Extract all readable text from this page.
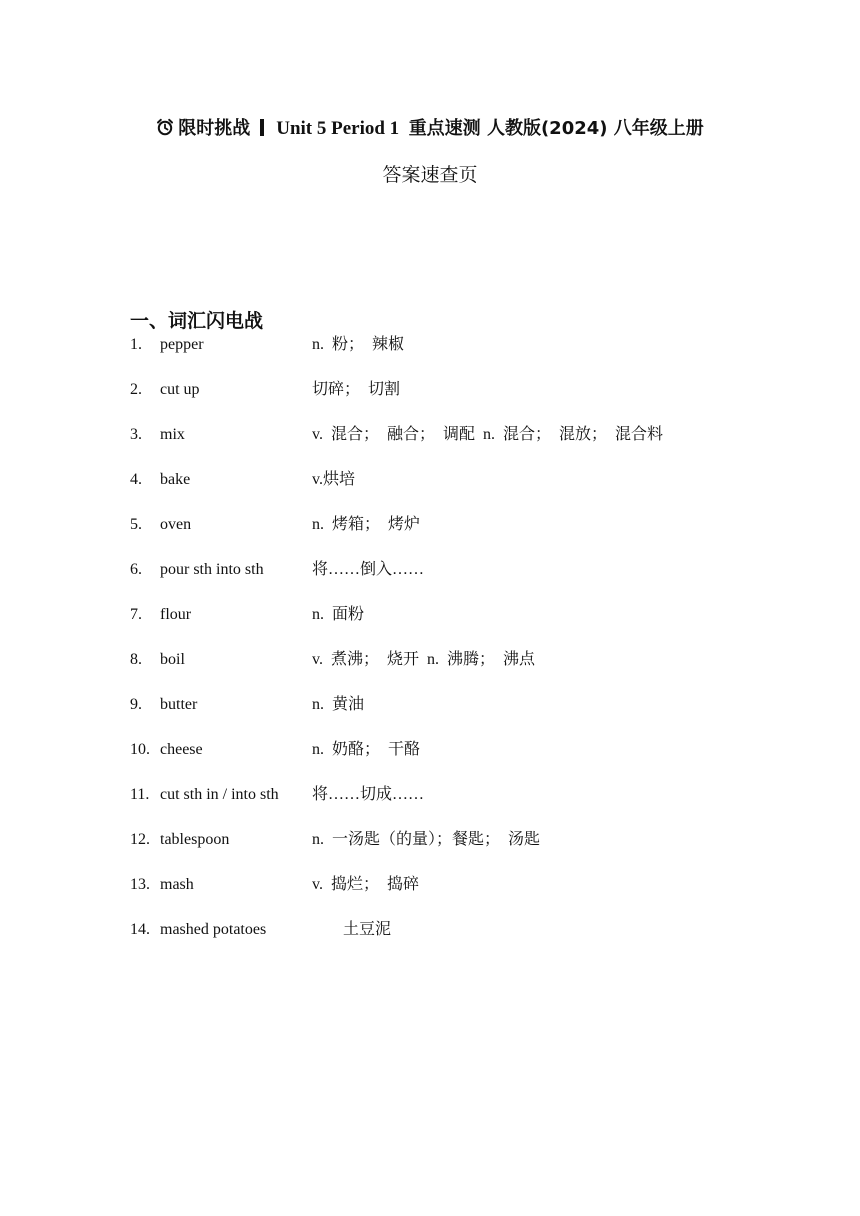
限时挑战 Unit 5 Period 1 重点速测 人教版(2024) 八年级上册
答案速查页
一、词汇闪电战
1. pepper	n. 粉； 辣椒
2. cut up	切碎； 切割
3. mix	v. 混合； 融合； 调配 n. 混合； 混放； 混合料
4. bake	v.烘培
5. oven	n. 烤箱； 烤炉
6. pour sth into sth	将……倒入……
7. flour	n. 面粉
8. boil	v. 煮沸； 烧开 n. 沸腾； 沸点
9. butter	n. 黄油
10. cheese	n. 奶酪； 干酪
11. cut sth in / into sth 将……切成……
12. tablespoon	n. 一汤匙（的量）；餐匙； 汤匙
13. mash	v. 捣烂； 捣碎
14. mashed potatoes	土豆泥
